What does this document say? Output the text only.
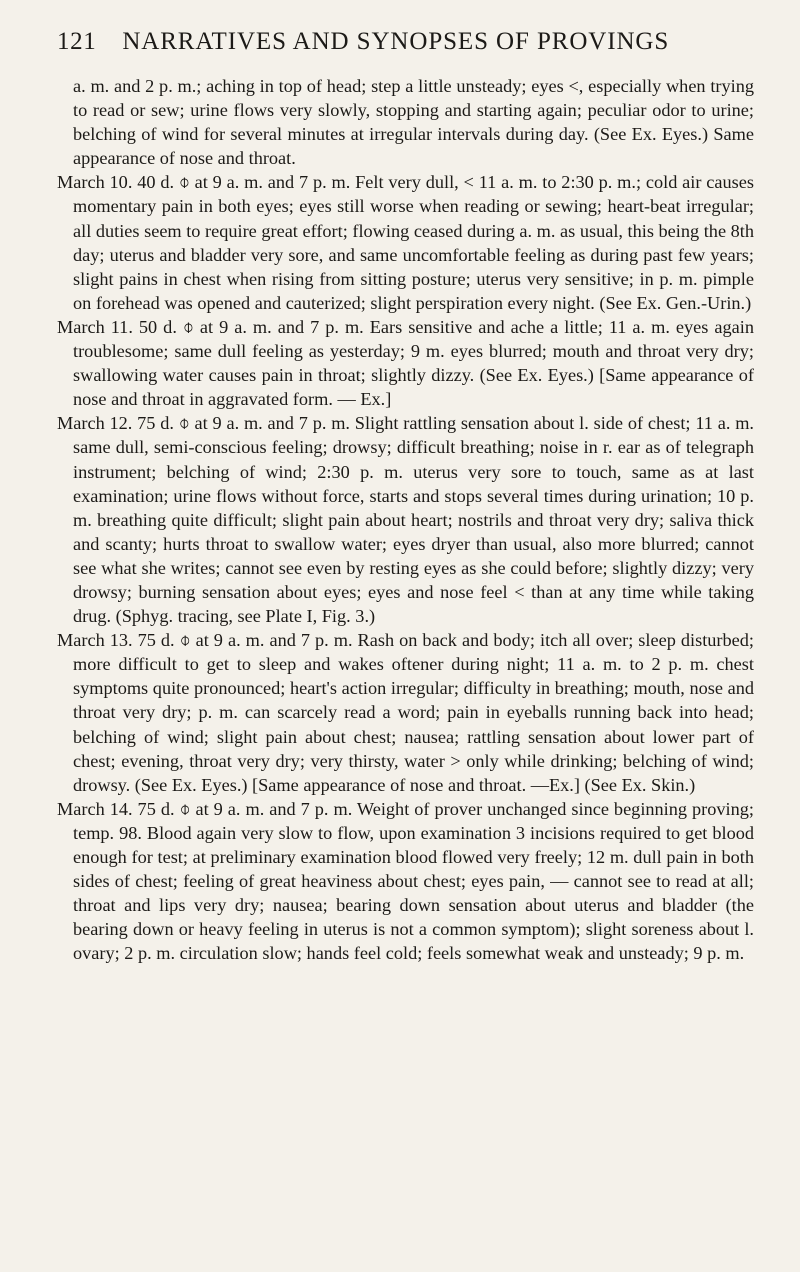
121 NARRATIVES AND SYNOPSES OF PROVINGS

a. m. and 2 p. m.; aching in top of head; step a little unsteady; eyes <, especially when trying to read or sew; urine flows very slowly, stopping and starting again; peculiar odor to urine; belching of wind for several minutes at irregular intervals during day. (See Ex. Eyes.) Same appearance of nose and throat.

March 10. 40 d. ⌽ at 9 a. m. and 7 p. m. Felt very dull, < 11 a. m. to 2:30 p. m.; cold air causes momentary pain in both eyes; eyes still worse when reading or sewing; heart-beat irregular; all duties seem to require great effort; flowing ceased during a. m. as usual, this being the 8th day; uterus and bladder very sore, and same uncomfortable feeling as during past few years; slight pains in chest when rising from sitting posture; uterus very sensitive; in p. m. pimple on forehead was opened and cauterized; slight perspiration every night. (See Ex. Gen.-Urin.)

March 11. 50 d. ⌽ at 9 a. m. and 7 p. m. Ears sensitive and ache a little; 11 a. m. eyes again troublesome; same dull feeling as yesterday; 9 m. eyes blurred; mouth and throat very dry; swallowing water causes pain in throat; slightly dizzy. (See Ex. Eyes.) [Same appearance of nose and throat in aggravated form. — Ex.]

March 12. 75 d. ⌽ at 9 a. m. and 7 p. m. Slight rattling sensation about l. side of chest; 11 a. m. same dull, semi-conscious feeling; drowsy; difficult breathing; noise in r. ear as of telegraph instrument; belching of wind; 2:30 p. m. uterus very sore to touch, same as at last examination; urine flows without force, starts and stops several times during urination; 10 p. m. breathing quite difficult; slight pain about heart; nostrils and throat very dry; saliva thick and scanty; hurts throat to swallow water; eyes dryer than usual, also more blurred; cannot see what she writes; cannot see even by resting eyes as she could before; slightly dizzy; very drowsy; burning sensation about eyes; eyes and nose feel < than at any time while taking drug. (Sphyg. tracing, see Plate I, Fig. 3.)

March 13. 75 d. ⌽ at 9 a. m. and 7 p. m. Rash on back and body; itch all over; sleep disturbed; more difficult to get to sleep and wakes oftener during night; 11 a. m. to 2 p. m. chest symptoms quite pronounced; heart's action irregular; difficulty in breathing; mouth, nose and throat very dry; p. m. can scarcely read a word; pain in eyeballs running back into head; belching of wind; slight pain about chest; nausea; rattling sensation about lower part of chest; evening, throat very dry; very thirsty, water > only while drinking; belching of wind; drowsy. (See Ex. Eyes.) [Same appearance of nose and throat. —Ex.] (See Ex. Skin.)

March 14. 75 d. ⌽ at 9 a. m. and 7 p. m. Weight of prover unchanged since beginning proving; temp. 98. Blood again very slow to flow, upon examination 3 incisions required to get blood enough for test; at preliminary examination blood flowed very freely; 12 m. dull pain in both sides of chest; feeling of great heaviness about chest; eyes pain, — cannot see to read at all; throat and lips very dry; nausea; bearing down sensation about uterus and bladder (the bearing down or heavy feeling in uterus is not a common symptom); slight soreness about l. ovary; 2 p. m. circulation slow; hands feel cold; feels somewhat weak and unsteady; 9 p. m.
